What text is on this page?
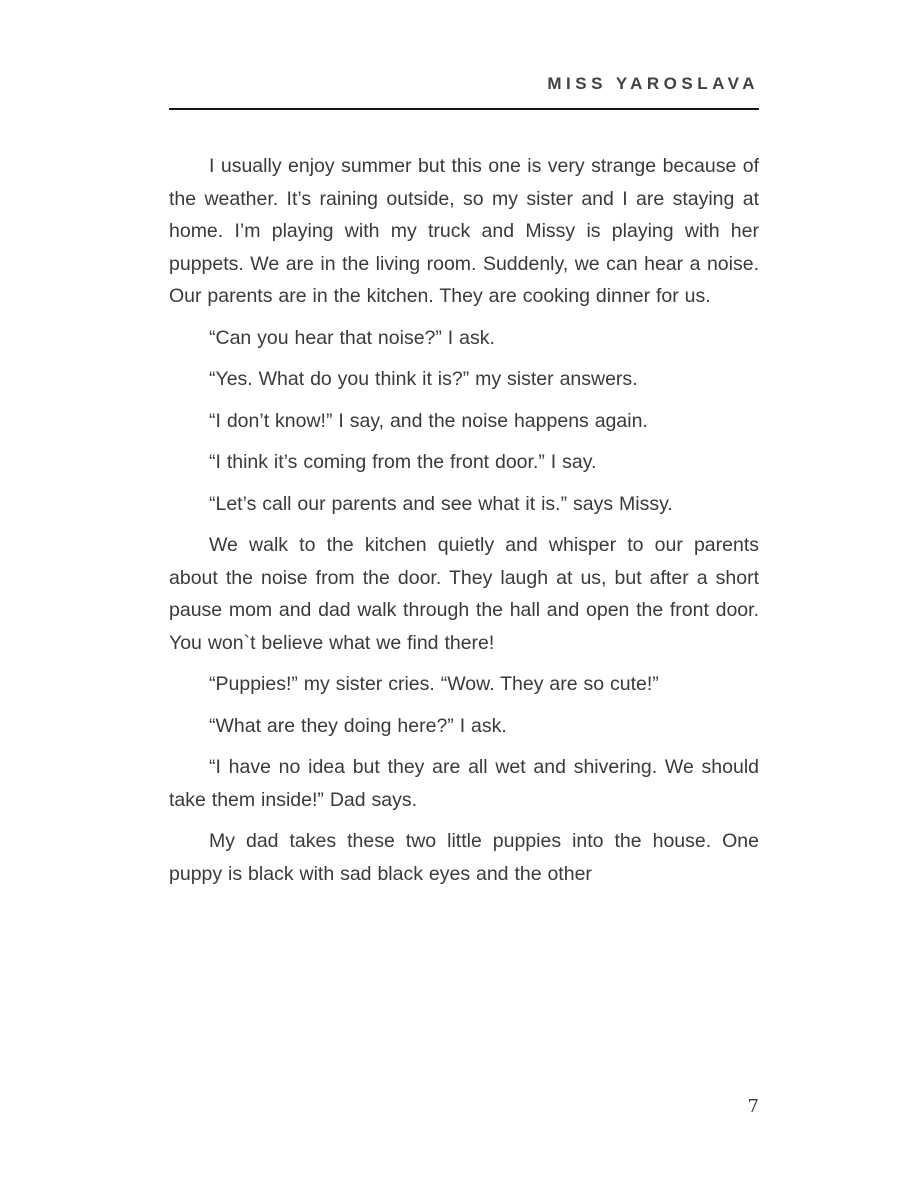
MISS YAROSLAVA

I usually enjoy summer but this one is very strange because of the weather. It’s raining outside, so my sister and I are staying at home. I’m playing with my truck and Missy is playing with her puppets. We are in the living room. Suddenly, we can hear a noise. Our parents are in the kitchen. They are cooking dinner for us.

“Can you hear that noise?” I ask.

“Yes. What do you think it is?” my sister answers.

“I don’t know!” I say, and the noise happens again.

“I think it’s coming from the front door.” I say.

“Let’s call our parents and see what it is.” says Missy.

We walk to the kitchen quietly and whisper to our parents about the noise from the door. They laugh at us, but after a short pause mom and dad walk through the hall and open the front door. You won`t believe what we find there!

“Puppies!” my sister cries. “Wow. They are so cute!”

“What are they doing here?” I ask.

“I have no idea but they are all wet and shivering. We should take them inside!” Dad says.

My dad takes these two little puppies into the house. One puppy is black with sad black eyes and the other

7
